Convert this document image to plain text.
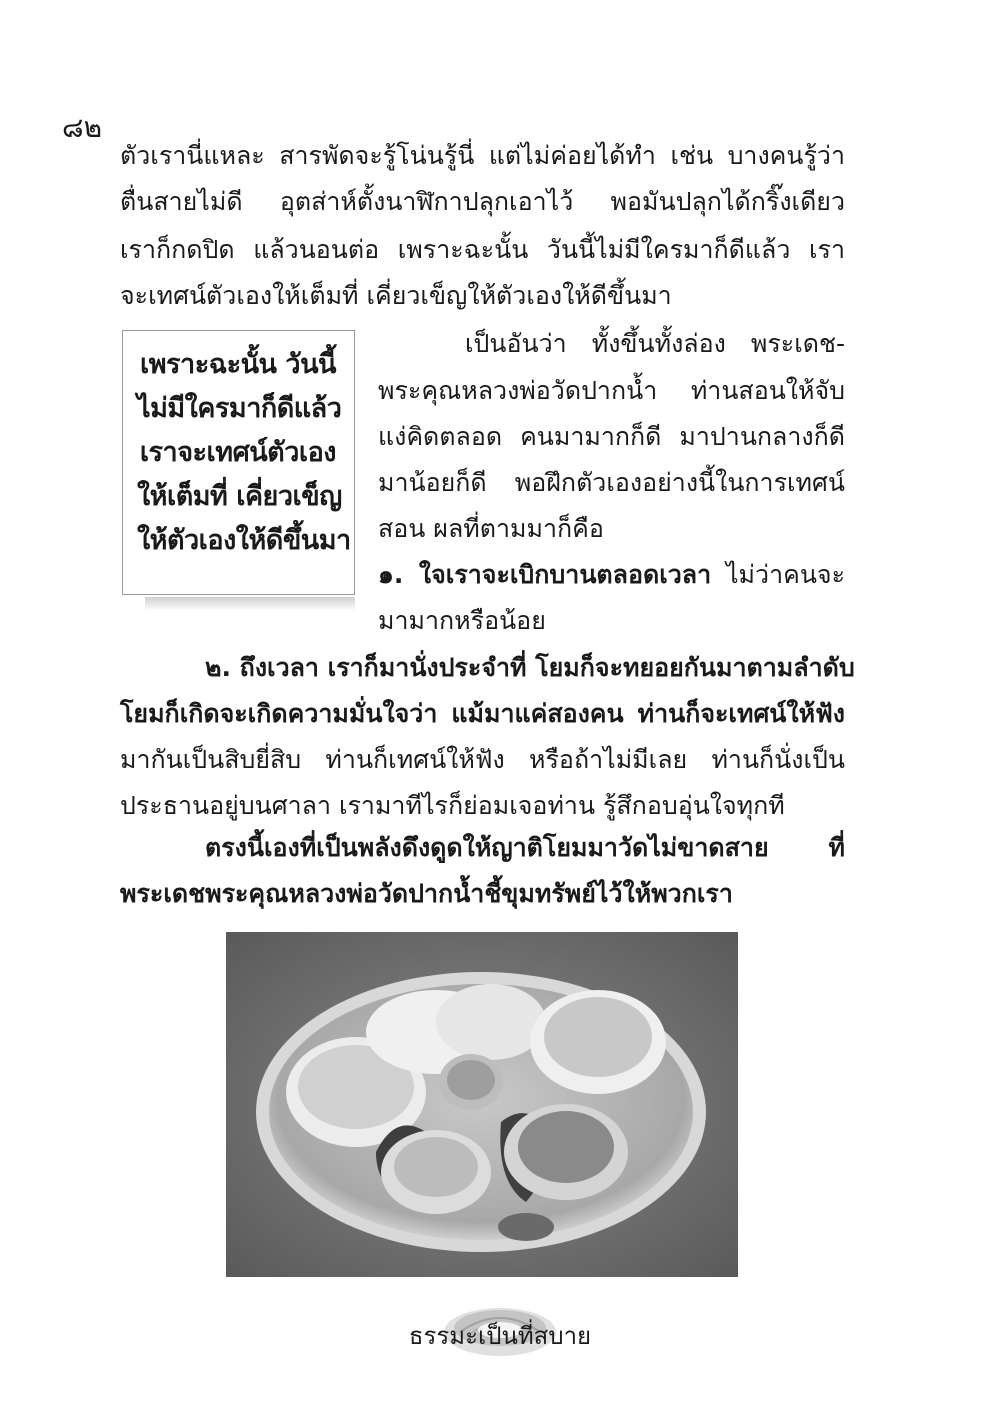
๘๒
ตัวเรานี่แหละ สารพัดจะรู้โน่นรู้นี่ แต่ไม่ค่อยได้ทำ เช่น บางคนรู้ว่า
ตื่นสายไม่ดี อุตส่าห์ตั้งนาฬิกาปลุกเอาไว้ พอมันปลุกได้กริ๊งเดียว
เราก็กดปิด แล้วนอนต่อ เพราะฉะนั้น วันนี้ไม่มีใครมาก็ดีแล้ว เรา
จะเทศน์ตัวเองให้เต็มที่ เคี่ยวเข็ญให้ตัวเองให้ดีขึ้นมา
เพราะฉะนั้น วันนี้
ไม่มีใครมาก็ดีแล้ว
เราจะเทศน์ตัวเอง
ให้เต็มที่ เคี่ยวเข็ญ
ให้ตัวเองให้ดีขึ้นมา
เป็นอันว่า ทั้งขึ้นทั้งล่อง พระเดช-
พระคุณหลวงพ่อวัดปากน้ำ ท่านสอนให้จับ
แง่คิดตลอด คนมามากก็ดี มาปานกลางก็ดี
มาน้อยก็ดี พอฝึกตัวเองอย่างนี้ในการเทศน์
สอน ผลที่ตามมาก็คือ
๑. ใจเราจะเบิกบานตลอดเวลา ไม่ว่าคนจะ
มามากหรือน้อย
๒. ถึงเวลา เราก็มานั่งประจำที่ โยมก็จะทยอยกันมาตามลำดับ
โยมก็เกิดจะเกิดความมั่นใจว่า แม้มาแค่สองคน ท่านก็จะเทศน์ให้ฟัง
มากันเป็นสิบยี่สิบ ท่านก็เทศน์ให้ฟัง หรือถ้าไม่มีเลย ท่านก็นั่งเป็น
ประธานอยู่บนศาลา เรามาทีไรก็ย่อมเจอท่าน รู้สึกอบอุ่นใจทุกที
ตรงนี้เองที่เป็นพลังดึงดูดให้ญาติโยมมาวัดไม่ขาดสาย ที่
พระเดชพระคุณหลวงพ่อวัดปากน้ำชี้ขุมทรัพย์ไว้ให้พวกเรา
ธรรมะเป็นที่สบาย
